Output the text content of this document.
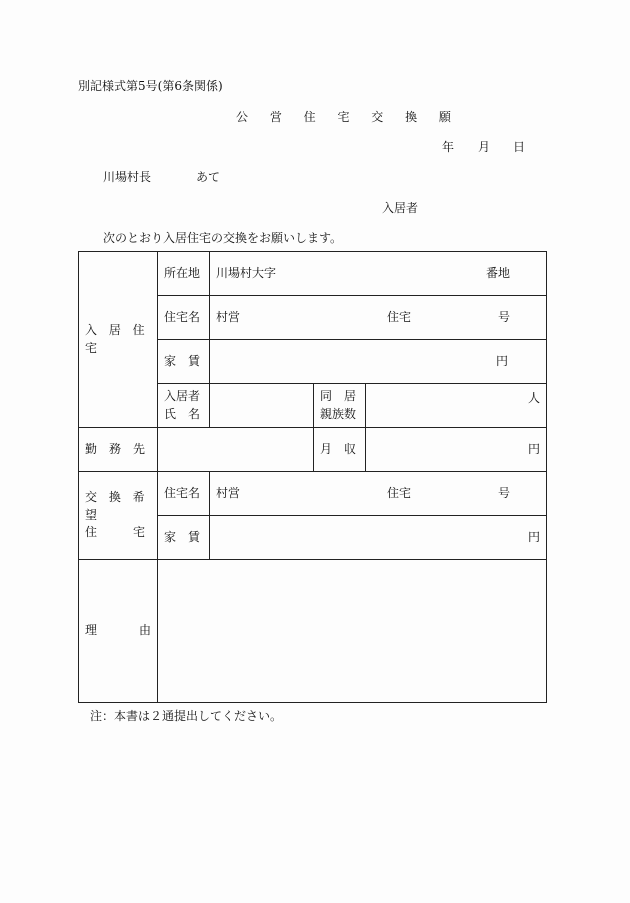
別記様式第5号(第6条関係)
公 営 住 宅 交 換 願
年 月 日
川場村長	あて
入居者
次のとおり入居住宅の交換をお願いします。
入 居 住 宅	所在地	川場村大字 番地		

	住宅名	村営 住宅 号		

	家　賃	円		

入居者
氏　名		同　居
親族数	人
勤　務　先			月　収	円

交 換 希 望
住　　　宅	住宅名	村営 住宅 号		

	家　賃	円		

理 由				

注：本書は２通提出してください。
